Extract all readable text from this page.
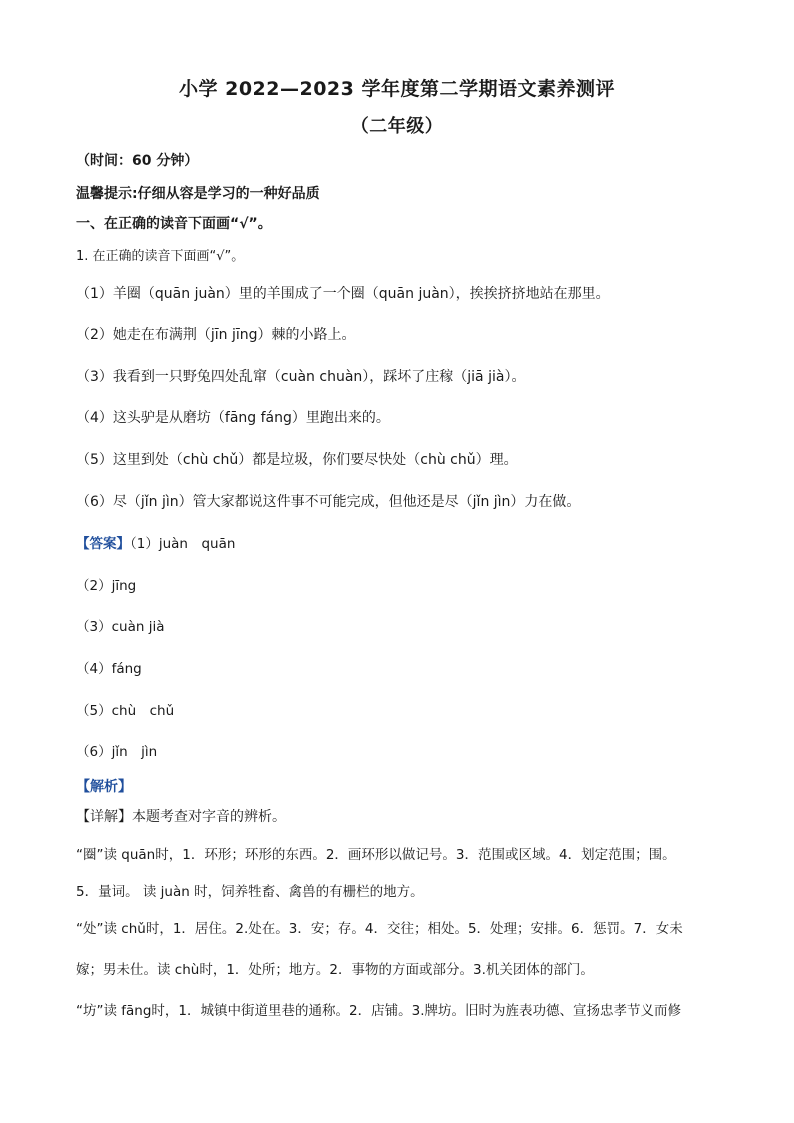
小学 2022—2023 学年度第二学期语文素养测评
（二年级）
（时间：60 分钟）
温馨提示:仔细从容是学习的一种好品质
一、在正确的读音下面画“√”。
1. 在正确的读音下面画“√”。
（1）羊圈（quān juàn）里的羊围成了一个圈（quān juàn），挨挨挤挤地站在那里。
（2）她走在布满荆（jīn jīng）棘的小路上。
（3）我看到一只野兔四处乱窜（cuàn chuàn），踩坏了庄稼（jiā jià）。
（4）这头驴是从磨坊（fāng fáng）里跑出来的。
（5）这里到处（chù chǔ）都是垃圾，你们要尽快处（chù chǔ）理。
（6）尽（jǐn jìn）管大家都说这件事不可能完成，但他还是尽（jǐn jìn）力在做。
【答案】（1）juàn　quān
（2）jīng
（3）cuàn jià
（4）fáng
（5）chù　chǔ
（6）jǐn　jìn
【解析】
【详解】本题考查对字音的辨析。
“圈”读 quān时，1．环形；环形的东西。2．画环形以做记号。3．范围或区域。4．划定范围；围。
5．量词。 读 juàn 时，饲养牲畜、禽兽的有栅栏的地方。
“处”读 chǔ时，1．居住。2.处在。3．安；存。4．交往；相处。5．处理；安排。6．惩罚。7．女未
嫁；男未仕。读 chù时，1．处所；地方。2．事物的方面或部分。3.机关团体的部门。
“坊”读 fāng时，1．城镇中街道里巷的通称。2．店铺。3.牌坊。旧时为旌表功德、宣扬忠孝节义而修
